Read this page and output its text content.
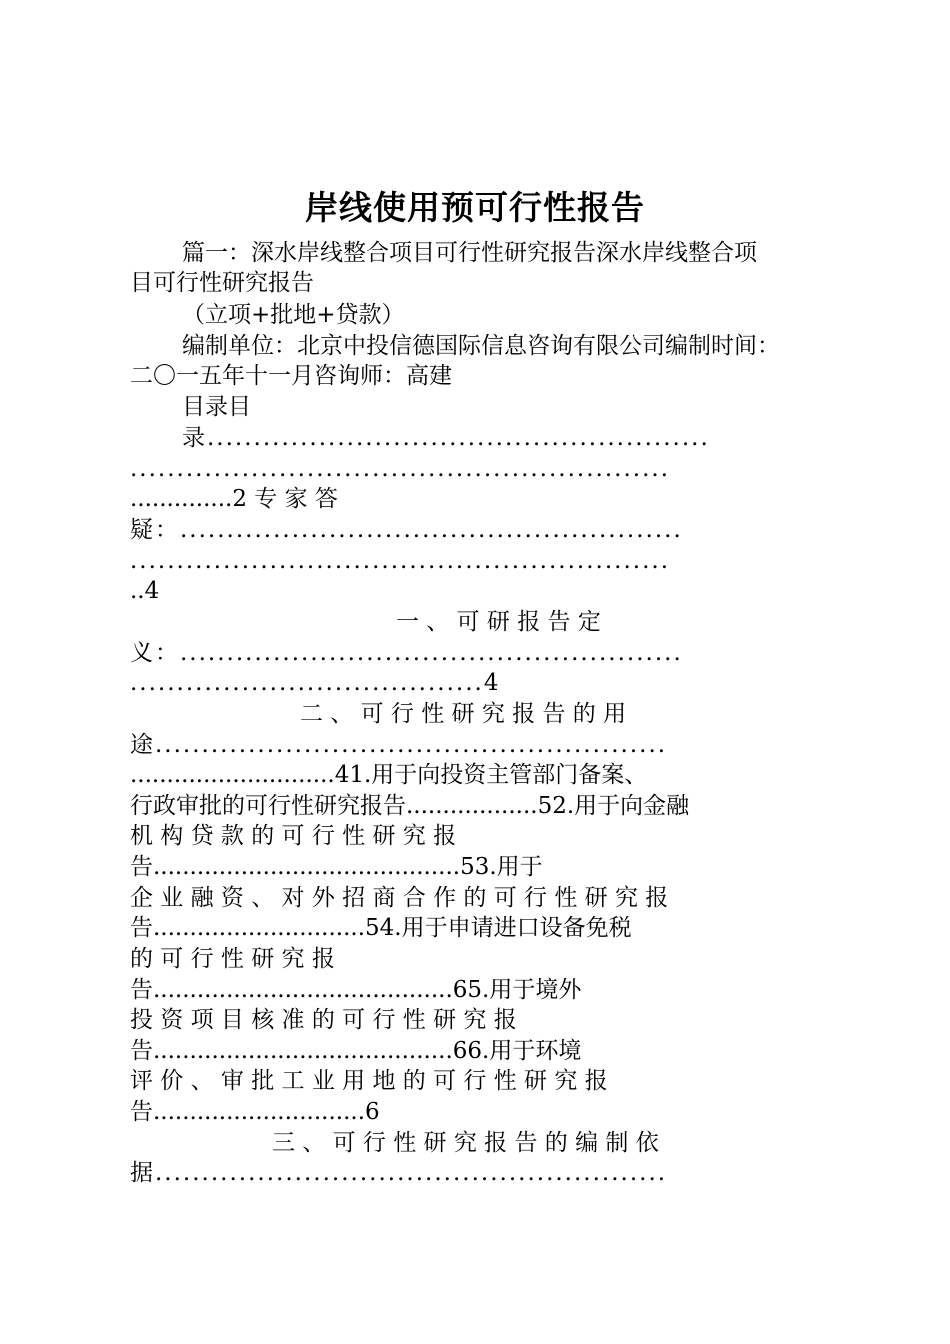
岸线使用预可行性报告
篇一：深水岸线整合项目可行性研究报告深水岸线整合项
目可行性研究报告
（立项+批地+贷款）
编制单位：北京中投信德国际信息咨询有限公司编制时间：
二〇一五年十一月咨询师：高建
目录目
录......................................................
..........................................................
..............2 专 家 答
疑：......................................................
..........................................................
..4
一 、 可 研 报 告 定
义：......................................................
......................................4
二 、 可 行 性 研 究 报 告 的 用
途.......................................................
............................41.用于向投资主管部门备案、
行政审批的可行性研究报告..................52.用于向金融
机 构 贷 款 的 可 行 性 研 究 报
告..........................................53.用于
企 业 融 资 、 对 外 招 商 合 作 的 可 行 性 研 究 报
告.............................54.用于申请进口设备免税
的 可 行 性 研 究 报
告.........................................65.用于境外
投 资 项 目 核 准 的 可 行 性 研 究 报
告.........................................66.用于环境
评 价 、 审 批 工 业 用 地 的 可 行 性 研 究 报
告.............................6
三 、 可 行 性 研 究 报 告 的 编 制 依
据.......................................................
